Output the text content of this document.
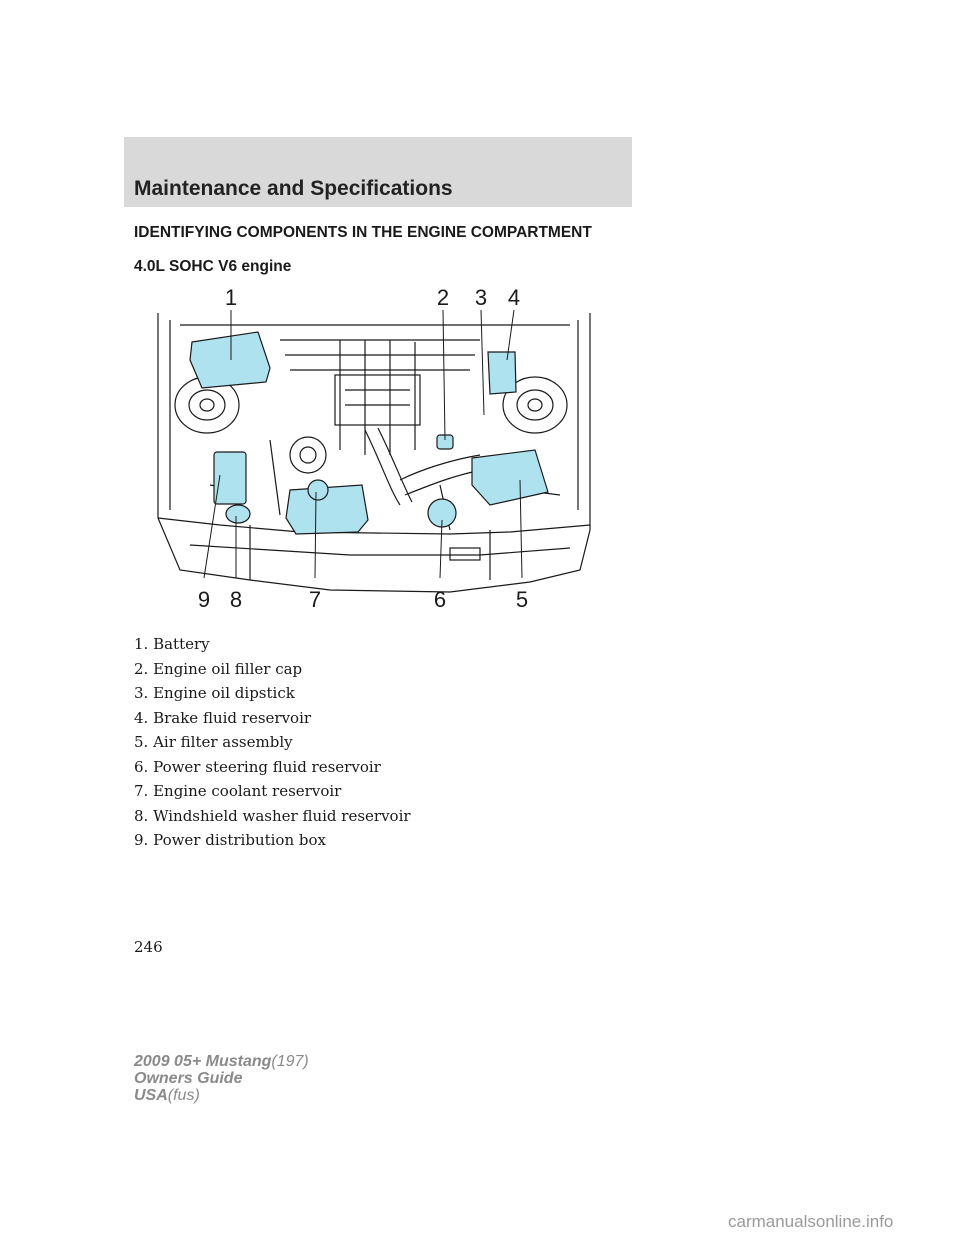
Maintenance and Specifications
IDENTIFYING COMPONENTS IN THE ENGINE COMPARTMENT
4.0L SOHC V6 engine
1	2 3 4
5
6
7
8
9
1. Battery
2. Engine oil filler cap
3. Engine oil dipstick
4. Brake fluid reservoir
5. Air filter assembly
6. Power steering fluid reservoir
7. Engine coolant reservoir
8. Windshield washer fluid reservoir
9. Power distribution box
246
2009 05+ Mustang(197)
Owners Guide
USA(fus)
carmanualsonline.info
